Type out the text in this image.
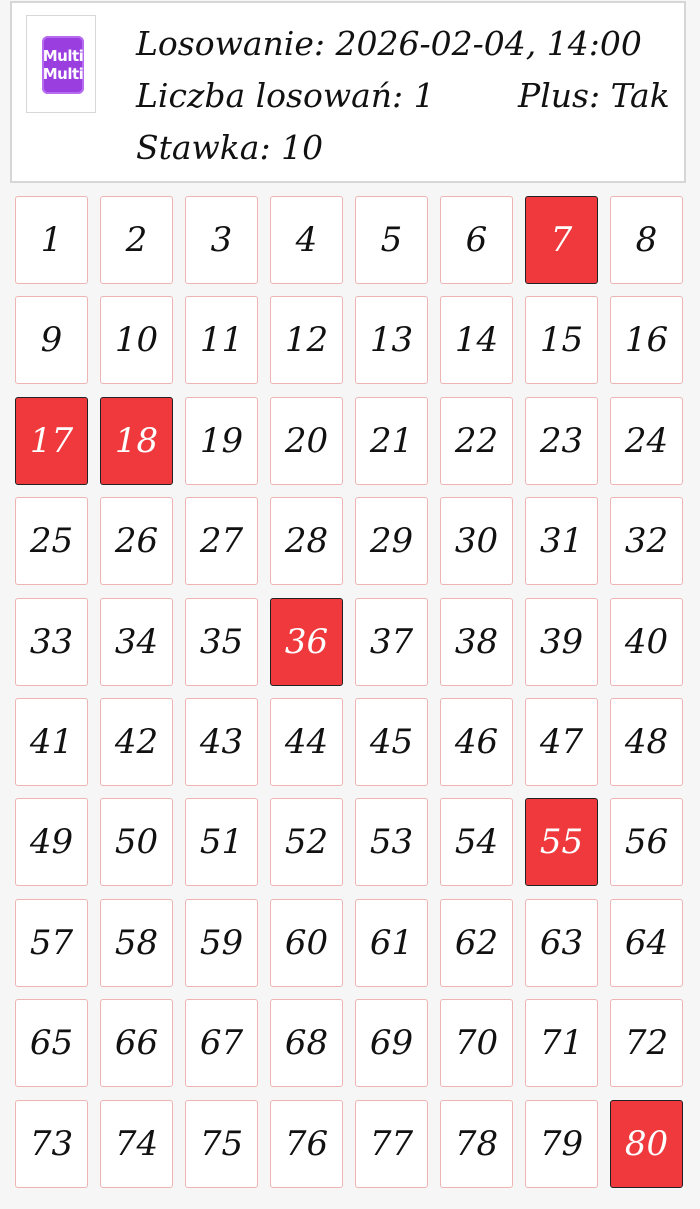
Multi
Multi
Losowanie: 2026-02-04, 14:00
Liczba losowań: 1	Plus: Tak
Stawka: 10
1	2	3	4	5	6	7	8
9	10	11	12	13	14	15	16
17	18	19	20	21	22	23	24
25	26	27	28	29	30	31	32
33	34	35	36	37	38	39	40
41	42	43	44	45	46	47	48
49	50	51	52	53	54	55	56
57	58	59	60	61	62	63	64
65	66	67	68	69	70	71	72
73	74	75	76	77	78	79	80
